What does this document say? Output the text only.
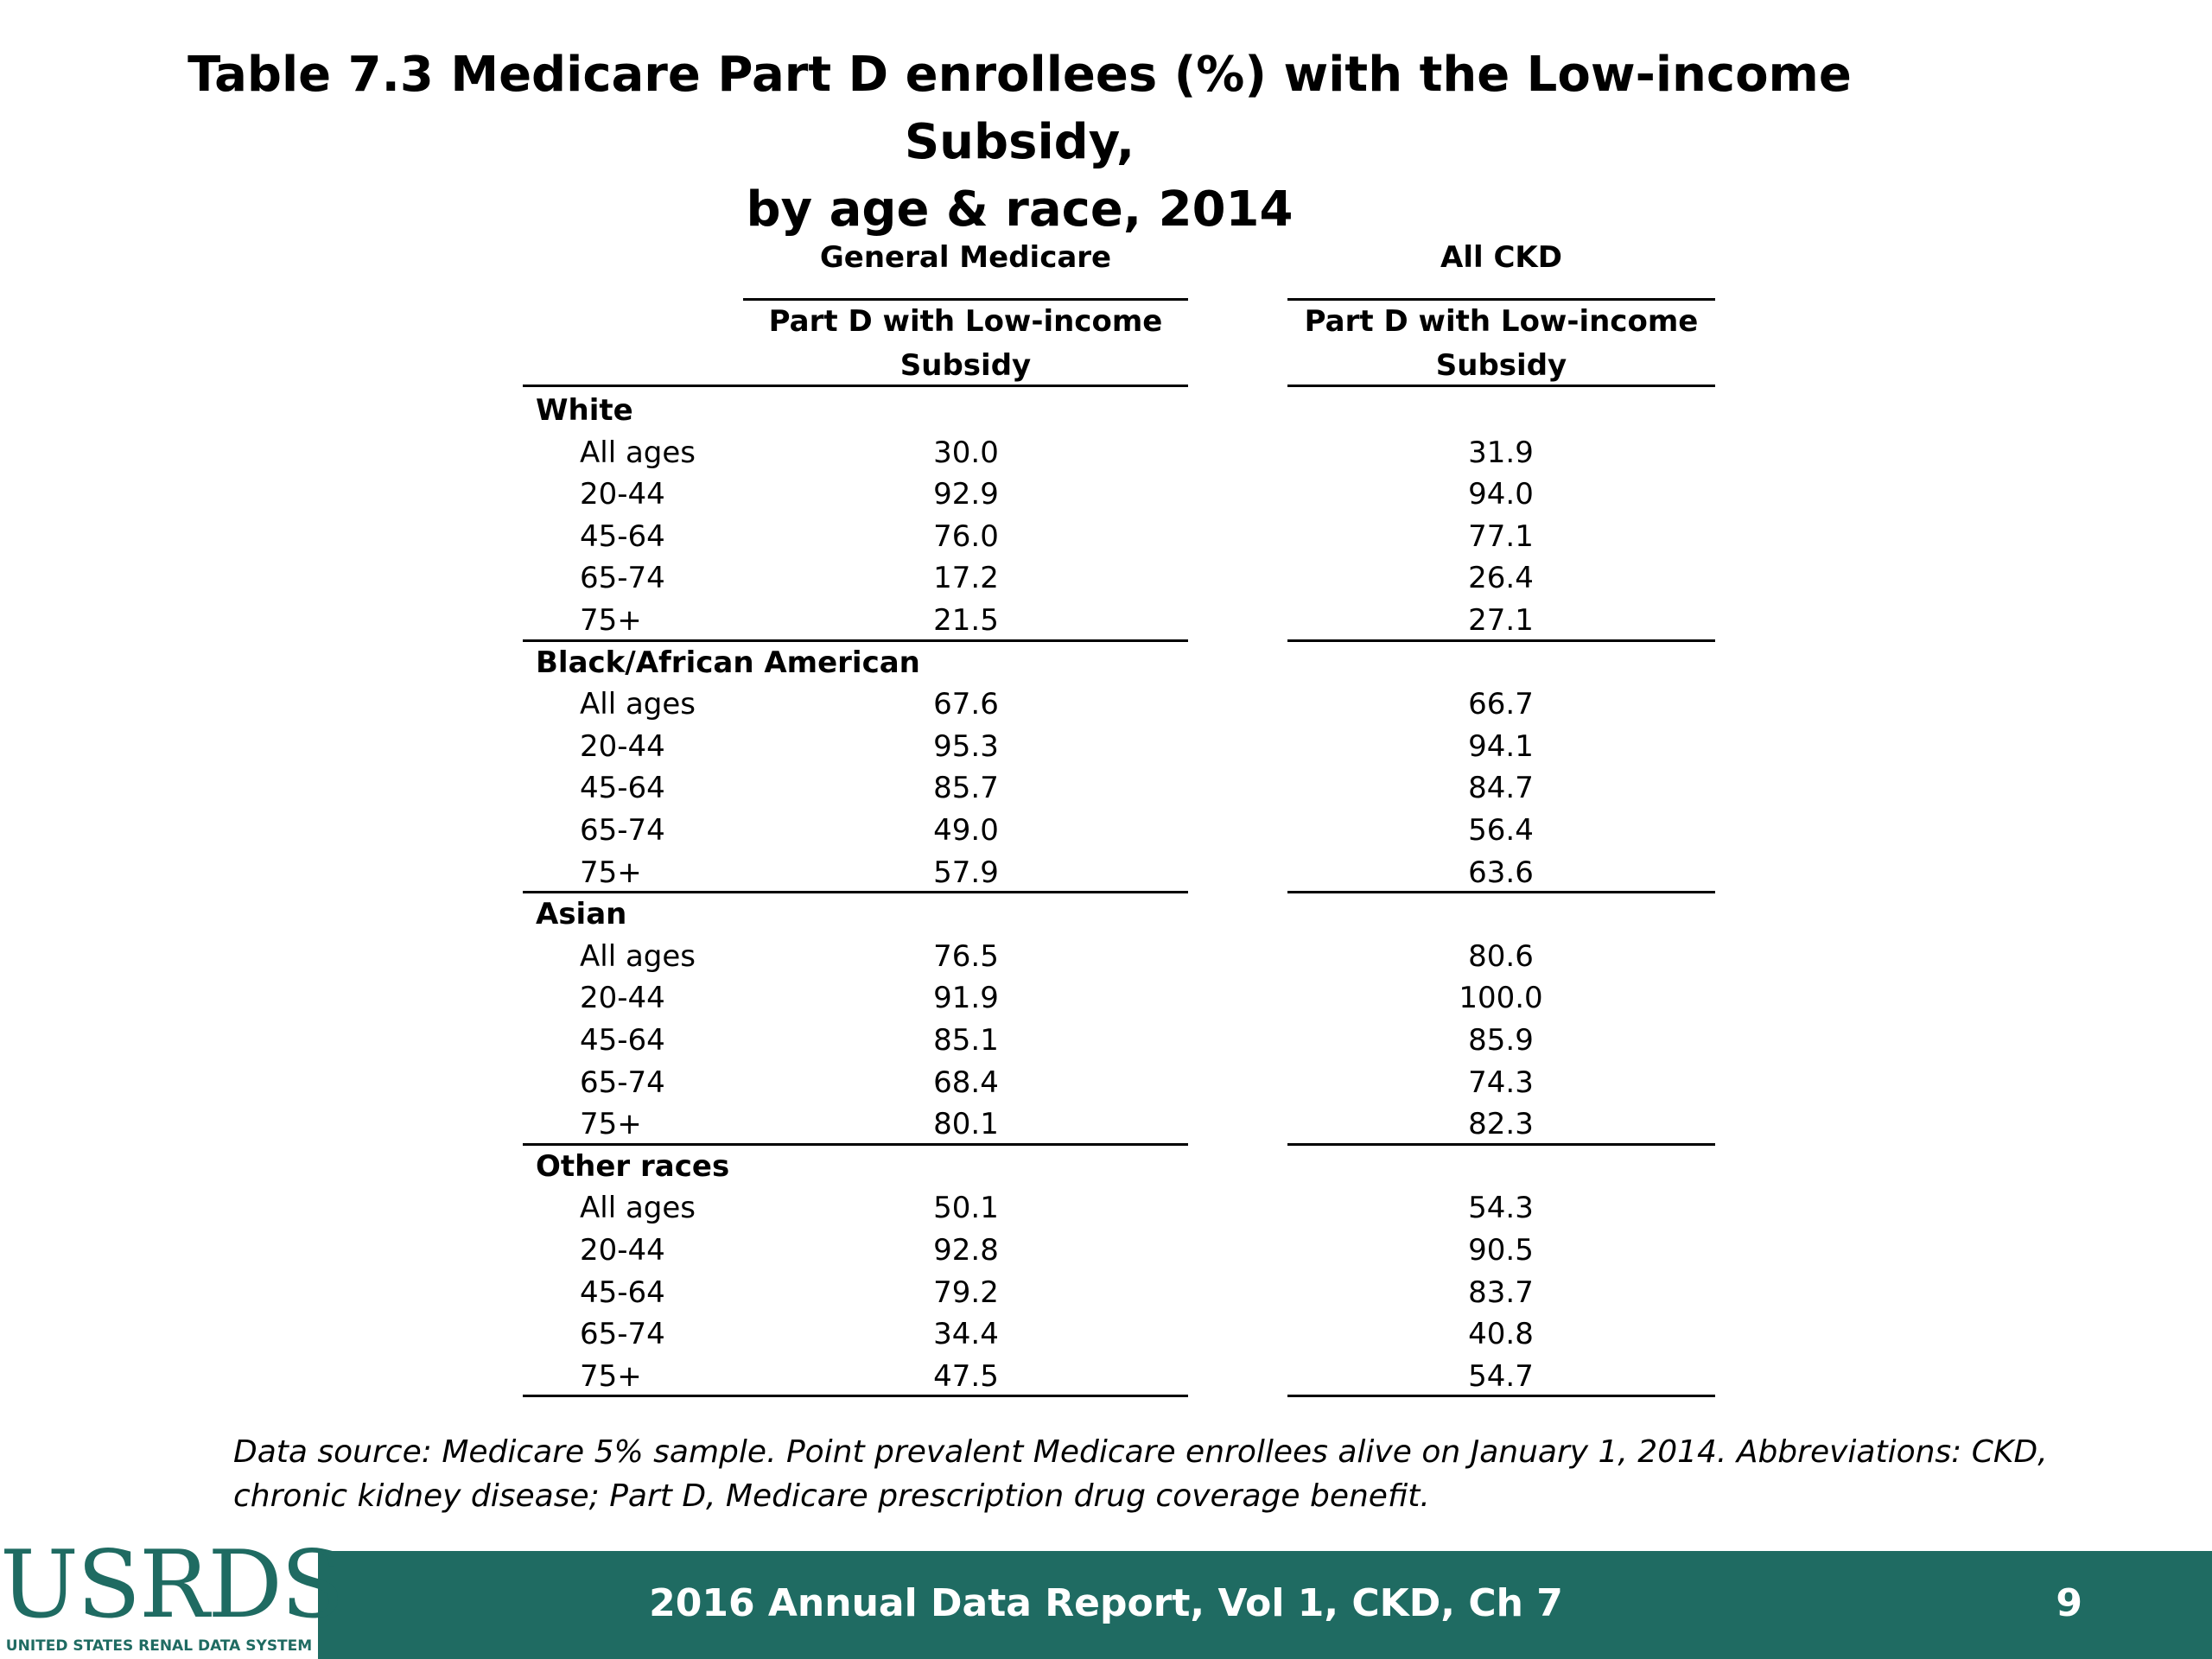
Table 7.3 Medicare Part D enrollees (%) with the Low-income Subsidy,
by age & race, 2014
General Medicare	All CKD
Part D with Low-income
Subsidy
Part D with Low-income
Subsidy
White
All ages	30.0	31.9
20-44	92.9	94.0
45-64	76.0	77.1
65-74	17.2	26.4
75+	21.5	27.1
Black/African American
All ages	67.6	66.7
20-44	95.3	94.1
45-64	85.7	84.7
65-74	49.0	56.4
75+	57.9	63.6
Asian
All ages	76.5	80.6
20-44	91.9	100.0
45-64	85.1	85.9
65-74	68.4	74.3
75+	80.1	82.3
Other races
All ages	50.1	54.3
20-44	92.8	90.5
45-64	79.2	83.7
65-74	34.4	40.8
75+	47.5	54.7
Data source: Medicare 5% sample. Point prevalent Medicare enrollees alive on January 1, 2014. Abbreviations: CKD,
chronic kidney disease; Part D, Medicare prescription drug coverage benefit.
USRDS
UNITED STATES RENAL DATA SYSTEM
2016 Annual Data Report, Vol 1, CKD, Ch 7	9
